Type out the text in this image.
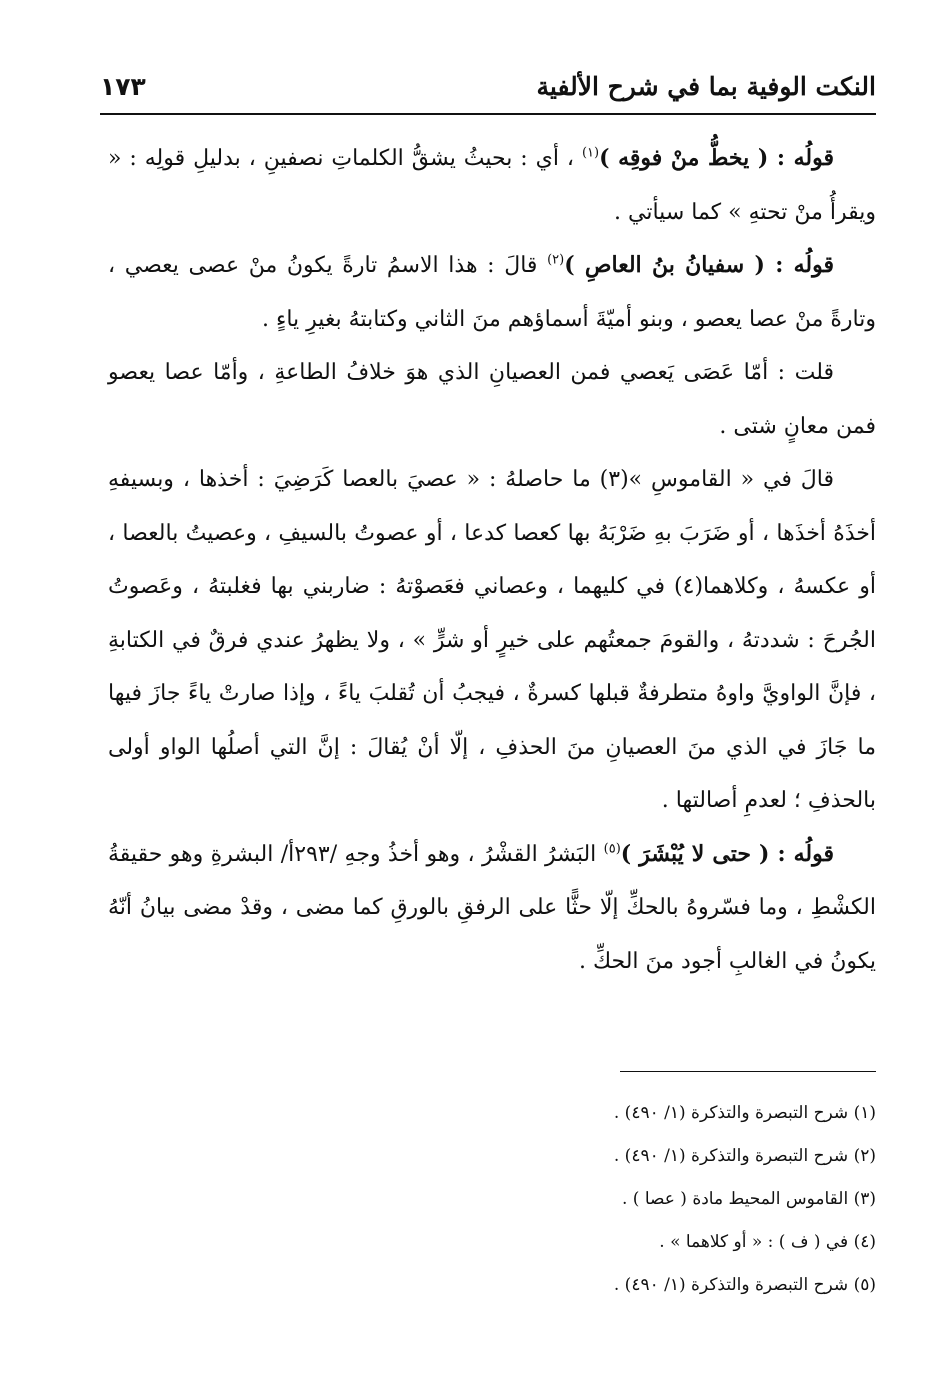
النكت الوفية بما في شرح الألفية
١٧٣

قولُه : ( يخطُّ منْ فوقِه )$^{(١)}$ ، أي : بحيثُ يشقُّ الكلماتِ نصفينِ ، بدليلِ قولِه : « ويقرأُ منْ تحتهِ » كما سيأتي .

قولُه : ( سفيانُ بنُ العاصِ )$^{(٢)}$ قالَ : هذا الاسمُ تارةً يكونُ منْ عصى يعصي ، وتارةً منْ عصا يعصو ، وبنو أميّةَ أسماؤهم منَ الثاني وكتابتهُ بغيرِ ياءٍ .

قلت : أمّا عَصَى يَعصي فمن العصيانِ الذي هوَ خلافُ الطاعةِ ، وأمّا عصا يعصو فمن معانٍ شتى .

قالَ في « القاموسِ »(٣) ما حاصلهُ : « عصيَ بالعصا كَرَضِيَ : أخذها ، وبسيفهِ أخذَهُ أخذَها ، أو ضَرَبَ بهِ ضَرْبَهُ بها كعصا كدعا ، أو عصوتُ بالسيفِ ، وعصيتُ بالعصا ، أو عكسهُ ، وكلاهما(٤) في كليهما ، وعصاني فعَصوْتهُ : ضاربني بها فغلبتهُ ، وعَصوتُ الجُرحَ : شددتهُ ، والقومَ جمعتُهم على خيرٍ أو شرٍّ » ، ولا يظهرُ عندي فرقٌ في الكتابةِ ، فإنَّ الواويَّ واوهُ متطرفةٌ قبلها كسرةٌ ، فيجبُ أن تُقلبَ ياءً ، وإذا صارتْ ياءً جازَ فيها ما جَازَ في الذي منَ العصيانِ منَ الحذفِ ، إلّا أنْ يُقالَ : إنَّ التي أصلُها الواو أولى بالحذفِ ؛ لعدمِ أصالتها .

قولُه : ( حتى لا يُبْشَرَ )$^{(٥)}$ البَشرُ القشْرُ ، وهو أخذُ وجهِ /٢٩٣أ/ البشرةِ وهو حقيقةُ الكشْطِ ، وما فسّروهُ بالحكِّ إلّا حثًّا على الرفقِ بالورقِ كما مضى ، وقدْ مضى بيانُ أنّهُ يكونُ في الغالبِ أجود منَ الحكِّ .

(١) شرح التبصرة والتذكرة (١/ ٤٩٠) .

(٢) شرح التبصرة والتذكرة (١/ ٤٩٠) .

(٣) القاموس المحيط مادة ( عصا ) .

(٤) في ( ف ) : « أو كلاهما » .

(٥) شرح التبصرة والتذكرة (١/ ٤٩٠) .
